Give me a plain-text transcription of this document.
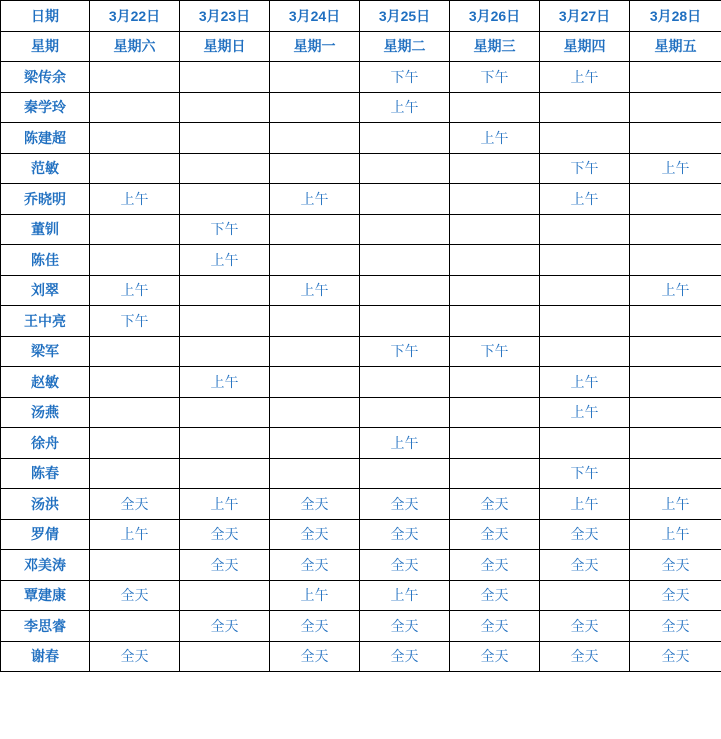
日期	3月22日	3月23日	3月24日	3月25日	3月26日	3月27日	3月28日
星期	星期六	星期日	星期一	星期二	星期三	星期四	星期五
梁传余				下午	下午	上午	
秦学玲				上午			
陈建超					上午		
范敏						下午	上午
乔晓明	上午		上午			上午	
董钏		下午					
陈佳		上午					
刘翠	上午		上午				上午
王中亮	下午						
梁军				下午	下午		
赵敏		上午				上午	
汤燕						上午	
徐舟				上午			
陈春						下午	
汤洪	全天	上午	全天	全天	全天	上午	上午
罗倩	上午	全天	全天	全天	全天	全天	上午
邓美涛		全天	全天	全天	全天	全天	全天
覃建康	全天		上午	上午	全天		全天
李思睿		全天	全天	全天	全天	全天	全天
谢春	全天		全天	全天	全天	全天	全天
